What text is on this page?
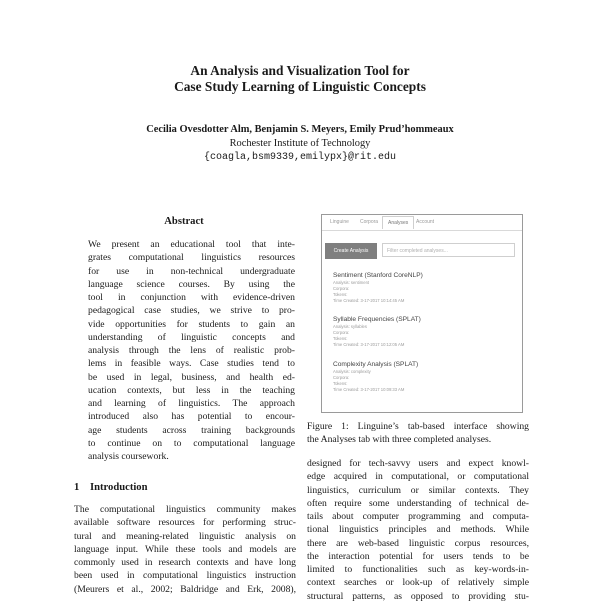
An Analysis and Visualization Tool for
Case Study Learning of Linguistic Concepts
Cecilia Ovesdotter Alm, Benjamin S. Meyers, Emily Prud’hommeaux
Rochester Institute of Technology
{coagla,bsm9339,emilypx}@rit.edu
Abstract
We present an educational tool that inte-
grates computational linguistics resources
for use in non-technical undergraduate
language science courses. By using the
tool in conjunction with evidence-driven
pedagogical case studies, we strive to pro-
vide opportunities for students to gain an
understanding of linguistic concepts and
analysis through the lens of realistic prob-
lems in feasible ways. Case studies tend to
be used in legal, business, and health ed-
ucation contexts, but less in the teaching
and learning of linguistics. The approach
introduced also has potential to encour-
age students across training backgrounds
to continue on to computational language
analysis coursework.
1 Introduction
The computational linguistics community makes
available software resources for performing struc-
tural and meaning-related linguistic analysis on
language input. While these tools and models are
commonly used in research contexts and have long
been used in computational linguistics instruction
(Meurers et al., 2002; Baldridge and Erk, 2008),
Linguine Corpora	Analyses	Account
Create Analysis	Filter completed analyses...
Sentiment (Stanford CoreNLP)
Analysis: sentiment
Corpora:
Tokens:
Time Created: 3-17-2017 10:14:45 AM
Syllable Frequencies (SPLAT)
Analysis: syllables
Corpora:
Tokens:
Time Created: 3-17-2017 10:12:05 AM
Complexity Analysis (SPLAT)
Analysis: complexity
Corpora:
Tokens:
Time Created: 3-17-2017 10:09:33 AM
Figure 1: Linguine’s tab-based interface showing
the Analyses tab with three completed analyses.
designed for tech-savvy users and expect knowl-
edge acquired in computational, or computational
linguistics, curriculum or similar contexts. They
often require some understanding of technical de-
tails about computer programming and computa-
tional linguistics principles and methods. While
there are web-based linguistic corpus resources,
the interaction potential for users tends to be
limited to functionalities such as key-words-in-
context searches or look-up of relatively simple
structural patterns, as opposed to providing stu-
